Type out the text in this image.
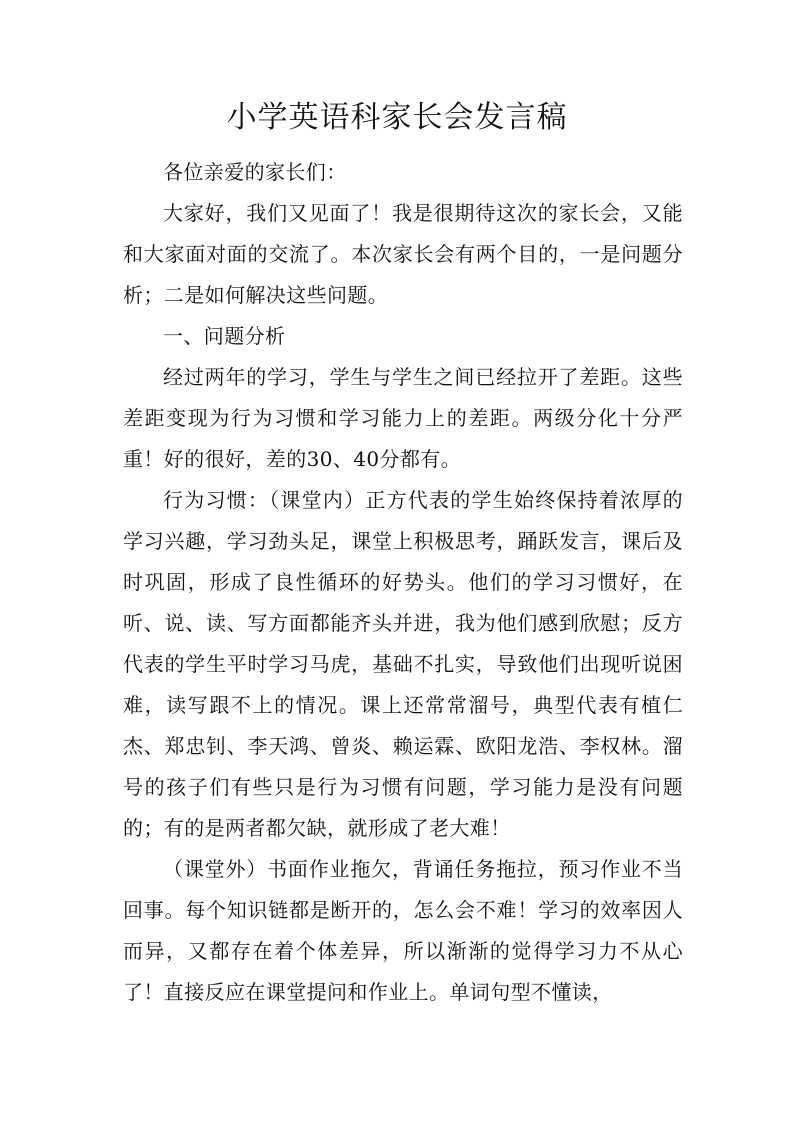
小学英语科家长会发言稿

各位亲爱的家长们：

大家好，我们又见面了！我是很期待这次的家长会，又能和大家面对面的交流了。本次家长会有两个目的，一是问题分析；二是如何解决这些问题。

一、问题分析

经过两年的学习，学生与学生之间已经拉开了差距。这些差距变现为行为习惯和学习能力上的差距。两级分化十分严重！好的很好，差的30、40分都有。

行为习惯：（课堂内）正方代表的学生始终保持着浓厚的学习兴趣，学习劲头足，课堂上积极思考，踊跃发言，课后及时巩固，形成了良性循环的好势头。他们的学习习惯好，在听、说、读、写方面都能齐头并进，我为他们感到欣慰；反方代表的学生平时学习马虎，基础不扎实，导致他们出现听说困难，读写跟不上的情况。课上还常常溜号，典型代表有植仁杰、郑忠钊、李天鸿、曾炎、赖运霖、欧阳龙浩、李权林。溜号的孩子们有些只是行为习惯有问题，学习能力是没有问题的；有的是两者都欠缺，就形成了老大难！

（课堂外）书面作业拖欠，背诵任务拖拉，预习作业不当回事。每个知识链都是断开的，怎么会不难！学习的效率因人而异，又都存在着个体差异，所以渐渐的觉得学习力不从心了！直接反应在课堂提问和作业上。单词句型不懂读，
